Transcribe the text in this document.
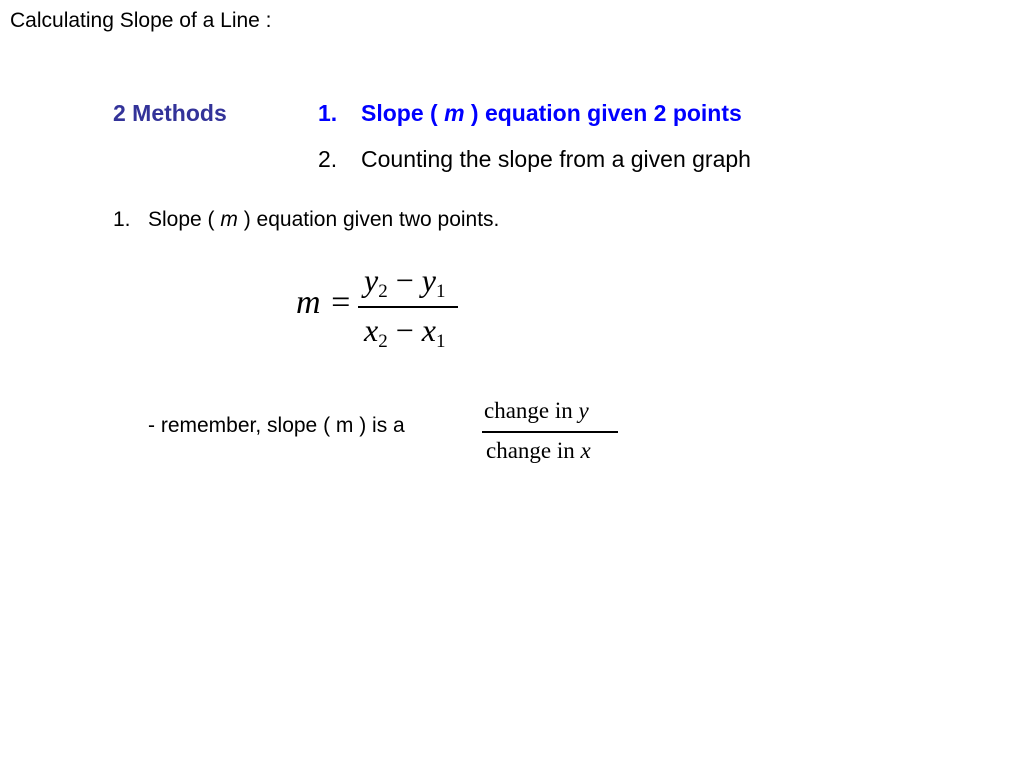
Calculating Slope of a Line :
2 Methods	1. Slope ( m ) equation given 2 points
2. Counting the slope from a given graph
1. Slope ( m ) equation given two points.
m =
$y_2 - y_1$
$x_2 - x_1$
- remember, slope ( m ) is a
change in y
change in x
